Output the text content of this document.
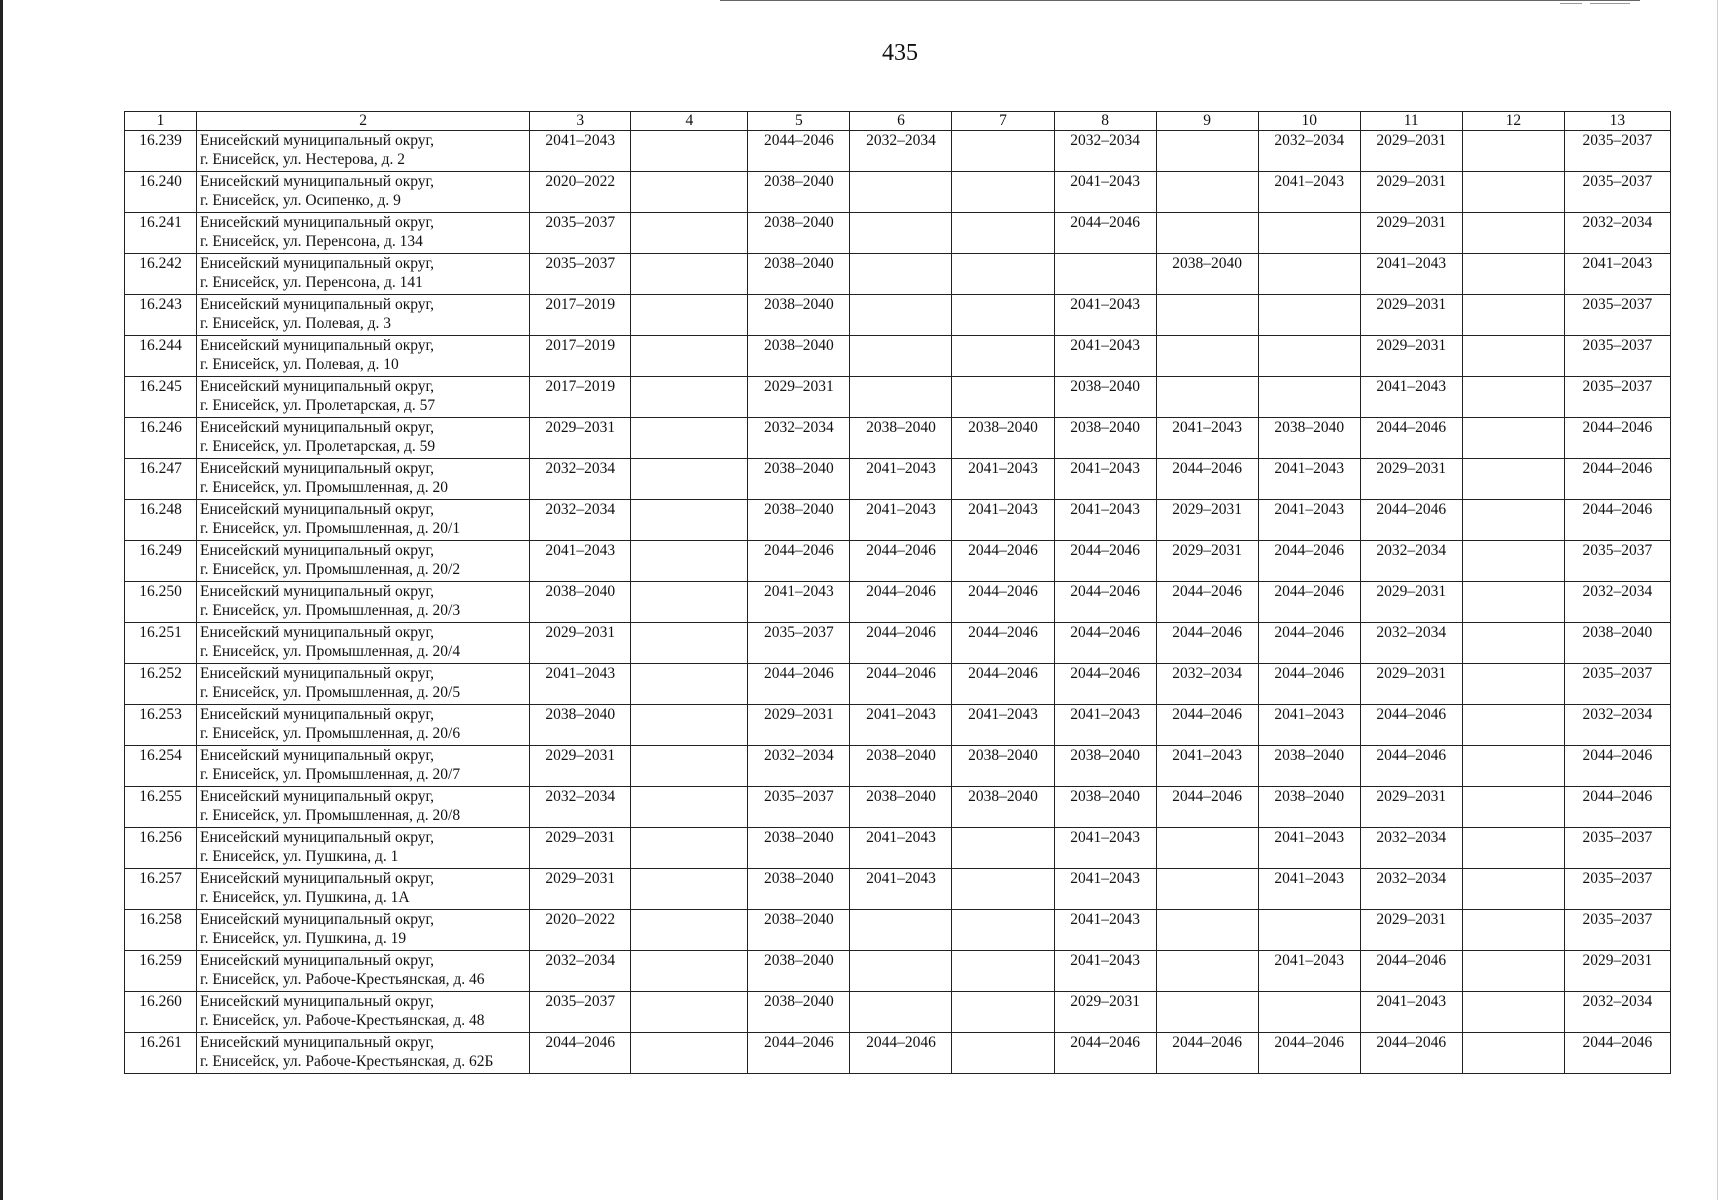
435
1	2	3	4	5	6	7	8	9	10	11	12	13
16.239	Енисейский муниципальный округ,
г. Енисейск, ул. Нестерова, д. 2	2041–2043		2044–2046	2032–2034		2032–2034		2032–2034	2029–2031		2035–2037
16.240	Енисейский муниципальный округ,
г. Енисейск, ул. Осипенко, д. 9	2020–2022		2038–2040			2041–2043		2041–2043	2029–2031		2035–2037
16.241	Енисейский муниципальный округ,
г. Енисейск, ул. Перенсона, д. 134	2035–2037		2038–2040			2044–2046			2029–2031		2032–2034
16.242	Енисейский муниципальный округ,
г. Енисейск, ул. Перенсона, д. 141	2035–2037		2038–2040				2038–2040		2041–2043		2041–2043
16.243	Енисейский муниципальный округ,
г. Енисейск, ул. Полевая, д. 3	2017–2019		2038–2040			2041–2043			2029–2031		2035–2037
16.244	Енисейский муниципальный округ,
г. Енисейск, ул. Полевая, д. 10	2017–2019		2038–2040			2041–2043			2029–2031		2035–2037
16.245	Енисейский муниципальный округ,
г. Енисейск, ул. Пролетарская, д. 57	2017–2019		2029–2031			2038–2040			2041–2043		2035–2037
16.246	Енисейский муниципальный округ,
г. Енисейск, ул. Пролетарская, д. 59	2029–2031		2032–2034	2038–2040	2038–2040	2038–2040	2041–2043	2038–2040	2044–2046		2044–2046
16.247	Енисейский муниципальный округ,
г. Енисейск, ул. Промышленная, д. 20	2032–2034		2038–2040	2041–2043	2041–2043	2041–2043	2044–2046	2041–2043	2029–2031		2044–2046
16.248	Енисейский муниципальный округ,
г. Енисейск, ул. Промышленная, д. 20/1	2032–2034		2038–2040	2041–2043	2041–2043	2041–2043	2029–2031	2041–2043	2044–2046		2044–2046
16.249	Енисейский муниципальный округ,
г. Енисейск, ул. Промышленная, д. 20/2	2041–2043		2044–2046	2044–2046	2044–2046	2044–2046	2029–2031	2044–2046	2032–2034		2035–2037
16.250	Енисейский муниципальный округ,
г. Енисейск, ул. Промышленная, д. 20/3	2038–2040		2041–2043	2044–2046	2044–2046	2044–2046	2044–2046	2044–2046	2029–2031		2032–2034
16.251	Енисейский муниципальный округ,
г. Енисейск, ул. Промышленная, д. 20/4	2029–2031		2035–2037	2044–2046	2044–2046	2044–2046	2044–2046	2044–2046	2032–2034		2038–2040
16.252	Енисейский муниципальный округ,
г. Енисейск, ул. Промышленная, д. 20/5	2041–2043		2044–2046	2044–2046	2044–2046	2044–2046	2032–2034	2044–2046	2029–2031		2035–2037
16.253	Енисейский муниципальный округ,
г. Енисейск, ул. Промышленная, д. 20/6	2038–2040		2029–2031	2041–2043	2041–2043	2041–2043	2044–2046	2041–2043	2044–2046		2032–2034
16.254	Енисейский муниципальный округ,
г. Енисейск, ул. Промышленная, д. 20/7	2029–2031		2032–2034	2038–2040	2038–2040	2038–2040	2041–2043	2038–2040	2044–2046		2044–2046
16.255	Енисейский муниципальный округ,
г. Енисейск, ул. Промышленная, д. 20/8	2032–2034		2035–2037	2038–2040	2038–2040	2038–2040	2044–2046	2038–2040	2029–2031		2044–2046
16.256	Енисейский муниципальный округ,
г. Енисейск, ул. Пушкина, д. 1	2029–2031		2038–2040	2041–2043		2041–2043		2041–2043	2032–2034		2035–2037
16.257	Енисейский муниципальный округ,
г. Енисейск, ул. Пушкина, д. 1А	2029–2031		2038–2040	2041–2043		2041–2043		2041–2043	2032–2034		2035–2037
16.258	Енисейский муниципальный округ,
г. Енисейск, ул. Пушкина, д. 19	2020–2022		2038–2040			2041–2043			2029–2031		2035–2037
16.259	Енисейский муниципальный округ,
г. Енисейск, ул. Рабоче-Крестьянская, д. 46	2032–2034		2038–2040			2041–2043		2041–2043	2044–2046		2029–2031
16.260	Енисейский муниципальный округ,
г. Енисейск, ул. Рабоче-Крестьянская, д. 48	2035–2037		2038–2040			2029–2031			2041–2043		2032–2034
16.261	Енисейский муниципальный округ,
г. Енисейск, ул. Рабоче-Крестьянская, д. 62Б	2044–2046		2044–2046	2044–2046		2044–2046	2044–2046	2044–2046	2044–2046		2044–2046
